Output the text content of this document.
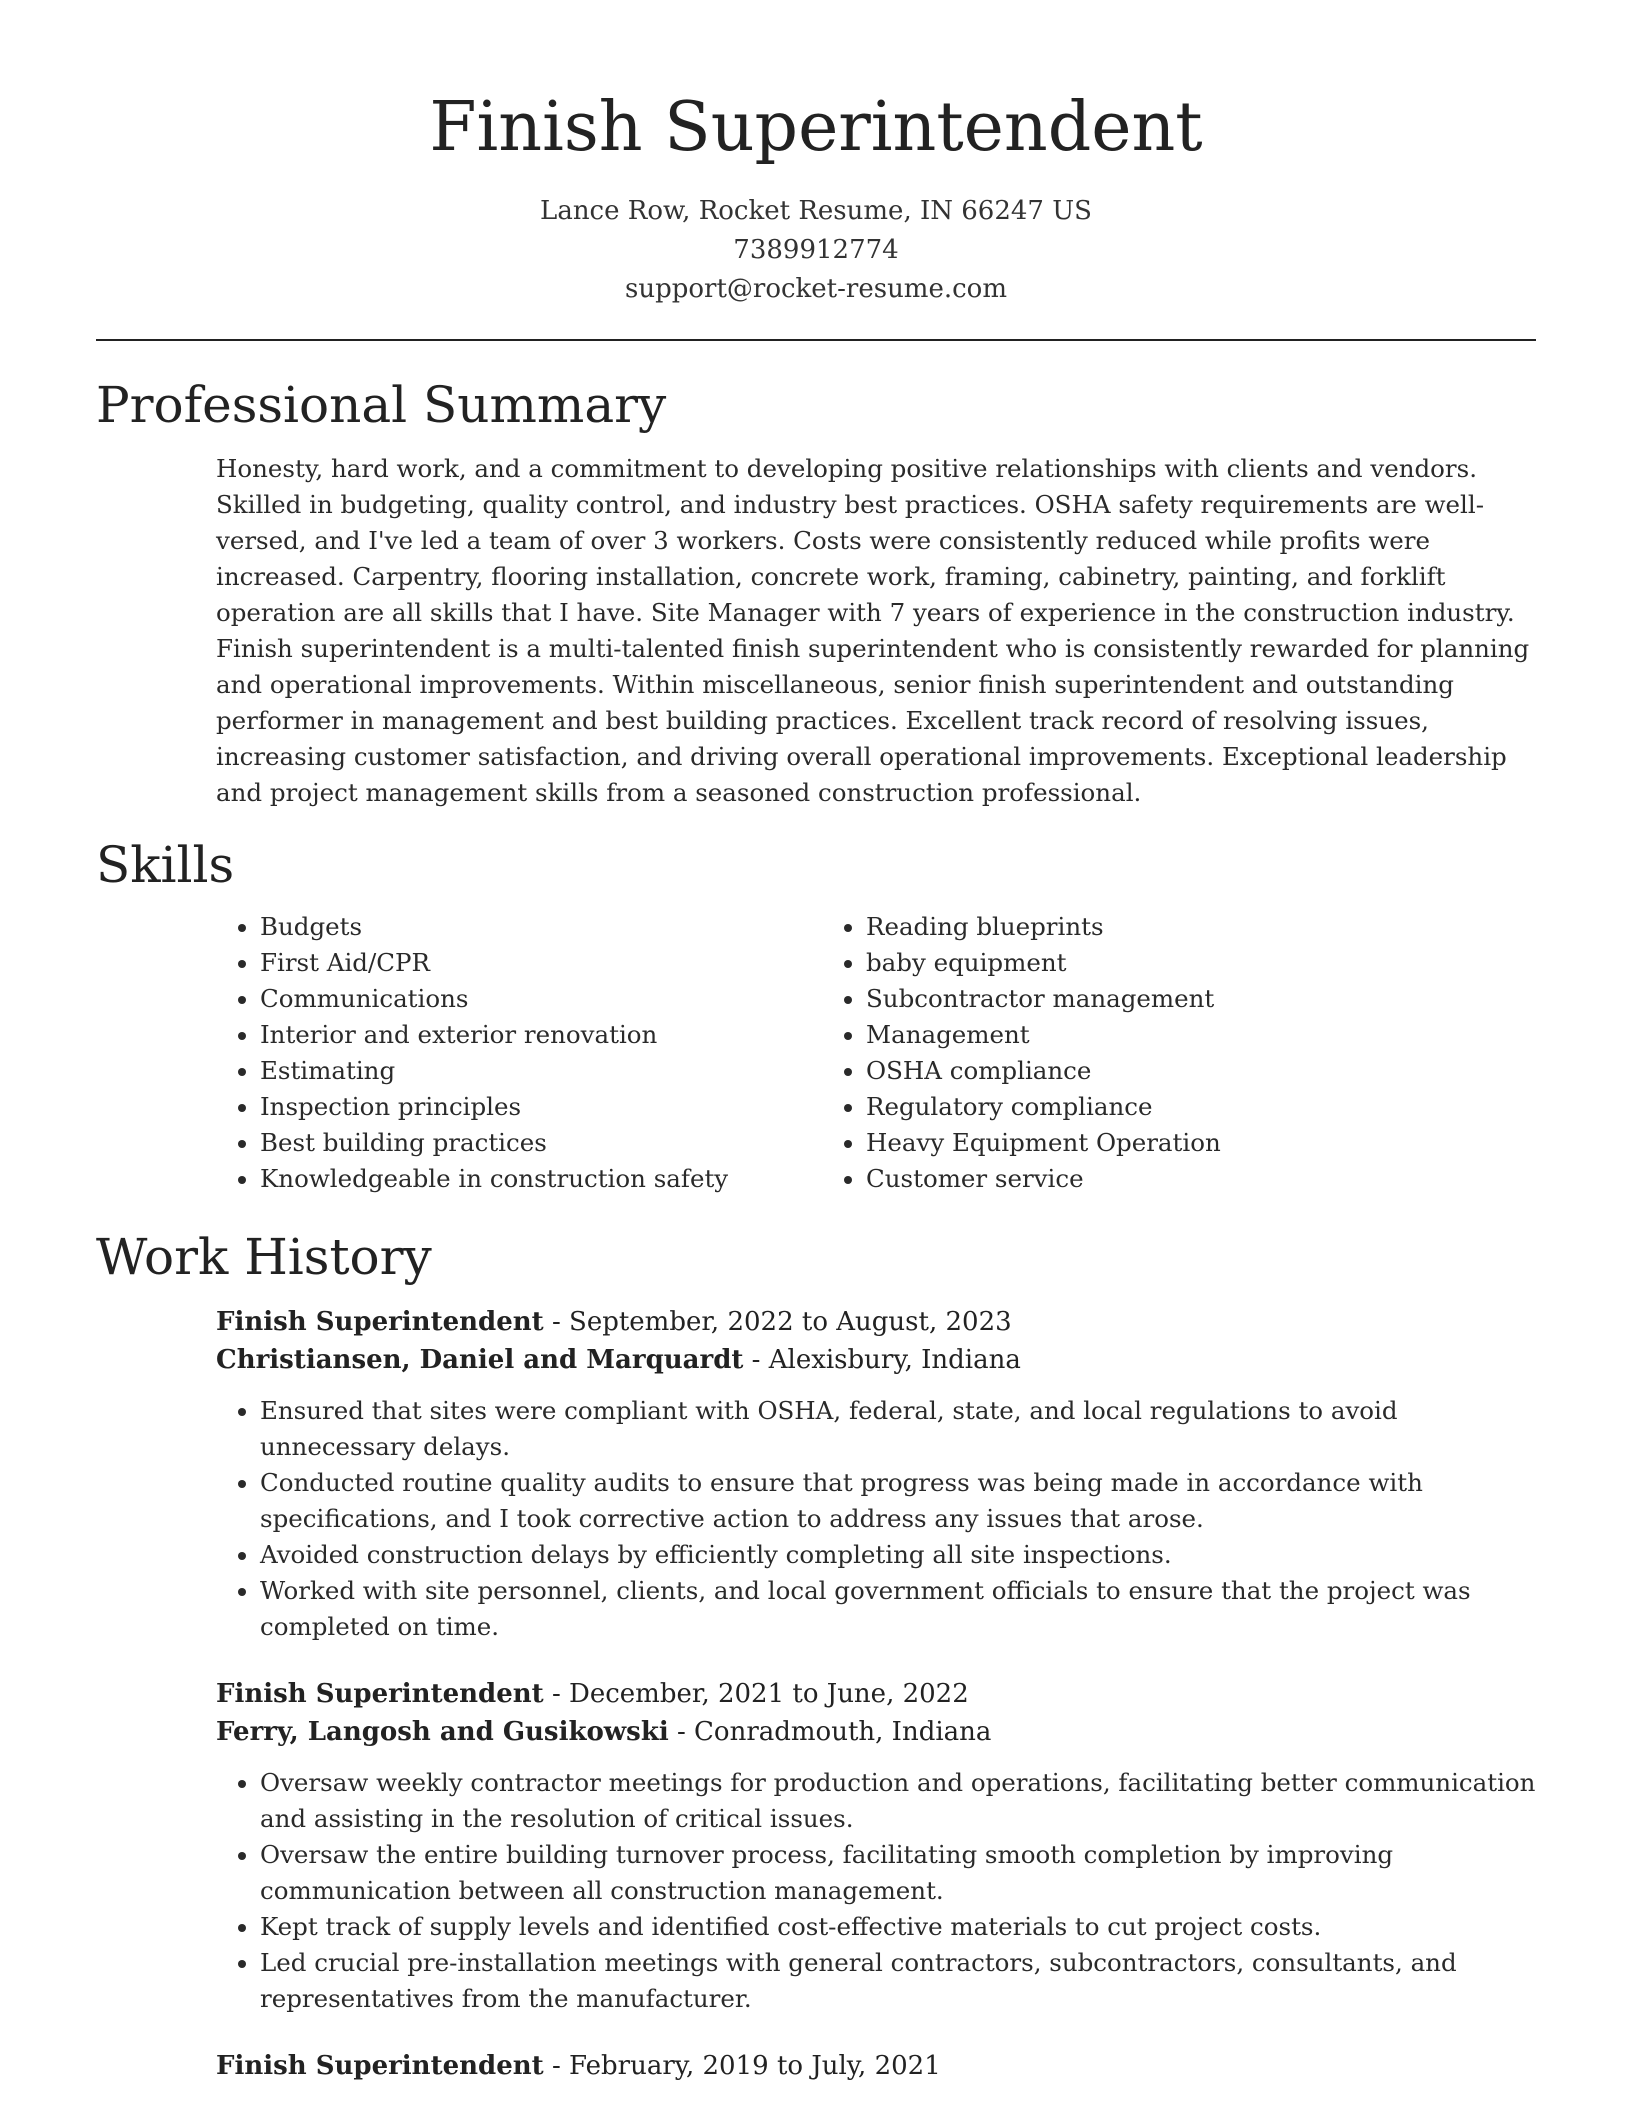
Finish Superintendent
Lance Row, Rocket Resume, IN 66247 US
7389912774
support@rocket-resume.com
Professional Summary

Honesty, hard work, and a commitment to developing positive relationships with clients and vendors. Skilled in budgeting, quality control, and industry best practices. OSHA safety requirements are well-versed, and I've led a team of over 3 workers. Costs were consistently reduced while profits were increased. Carpentry, flooring installation, concrete work, framing, cabinetry, painting, and forklift operation are all skills that I have. Site Manager with 7 years of experience in the construction industry. Finish superintendent is a multi-talented finish superintendent who is consistently rewarded for planning and operational improvements. Within miscellaneous, senior finish superintendent and outstanding performer in management and best building practices. Excellent track record of resolving issues, increasing customer satisfaction, and driving overall operational improvements. Exceptional leadership and project management skills from a seasoned construction professional.

Skills
• Budgets
• First Aid/CPR
• Communications
• Interior and exterior renovation
• Estimating
• Inspection principles
• Best building practices
• Knowledgeable in construction safety
• Reading blueprints
• baby equipment
• Subcontractor management
• Management
• OSHA compliance
• Regulatory compliance
• Heavy Equipment Operation
• Customer service
Work History
Finish Superintendent - September, 2022 to August, 2023
Christiansen, Daniel and Marquardt - Alexisbury, Indiana
• Ensured that sites were compliant with OSHA, federal, state, and local regulations to avoid unnecessary delays.
• Conducted routine quality audits to ensure that progress was being made in accordance with specifications, and I took corrective action to address any issues that arose.
• Avoided construction delays by efficiently completing all site inspections.
• Worked with site personnel, clients, and local government officials to ensure that the project was completed on time.
Finish Superintendent - December, 2021 to June, 2022
Ferry, Langosh and Gusikowski - Conradmouth, Indiana
• Oversaw weekly contractor meetings for production and operations, facilitating better communication and assisting in the resolution of critical issues.
• Oversaw the entire building turnover process, facilitating smooth completion by improving communication between all construction management.
• Kept track of supply levels and identified cost-effective materials to cut project costs.
• Led crucial pre-installation meetings with general contractors, subcontractors, consultants, and representatives from the manufacturer.
Finish Superintendent - February, 2019 to July, 2021
